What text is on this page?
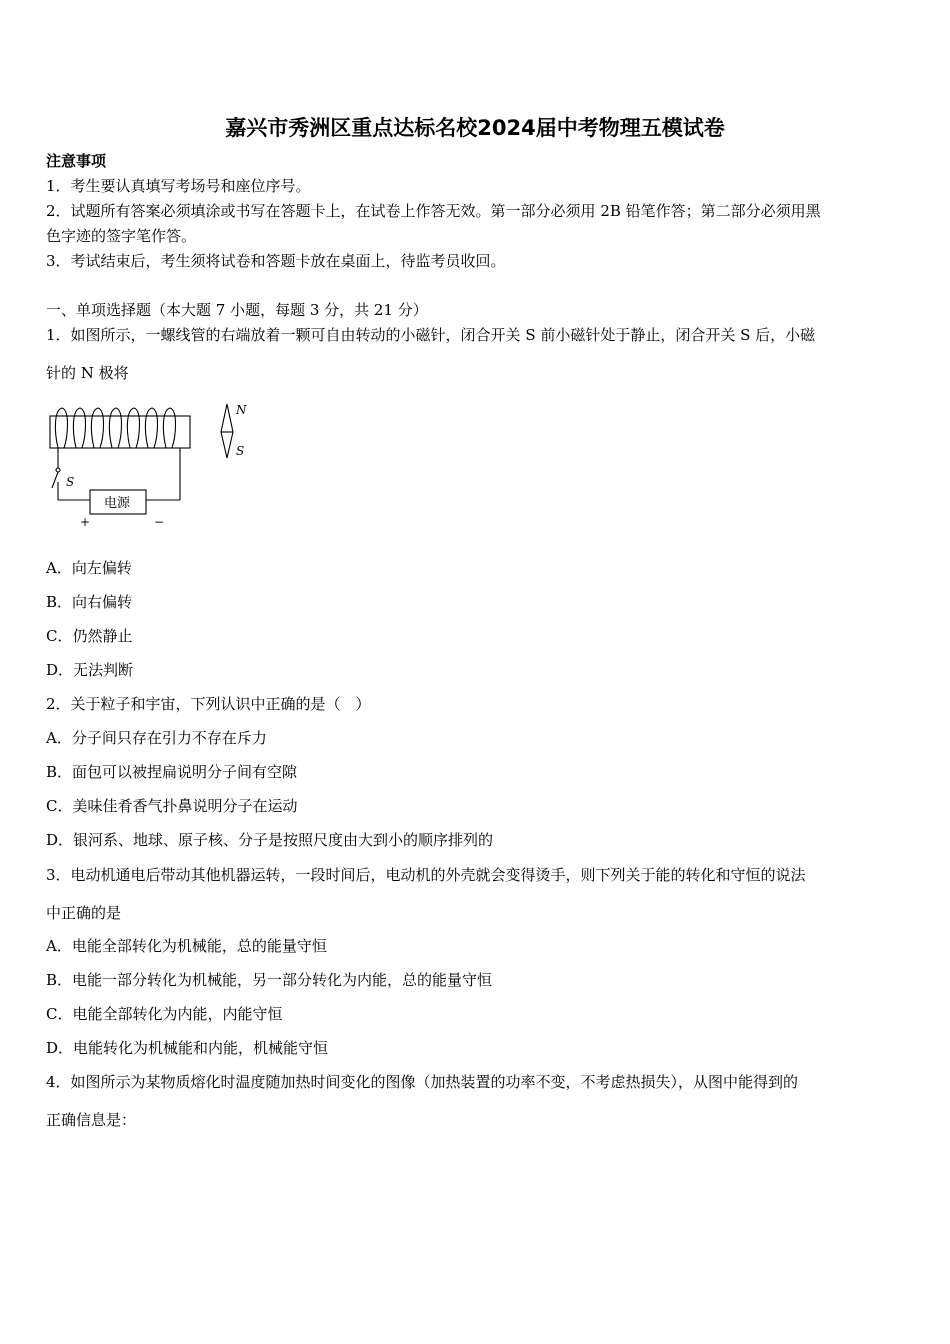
嘉兴市秀洲区重点达标名校2024届中考物理五模试卷
注意事项
1．考生要认真填写考场号和座位序号。
2．试题所有答案必须填涂或书写在答题卡上，在试卷上作答无效。第一部分必须用 2B 铅笔作答；第二部分必须用黑
色字迹的签字笔作答。
3．考试结束后，考生须将试卷和答题卡放在桌面上，待监考员收回。
一、单项选择题（本大题 7 小题，每题 3 分，共 21 分）
1．如图所示，一螺线管的右端放着一颗可自由转动的小磁针，闭合开关 S 前小磁针处于静止，闭合开关 S 后，小磁
针的 N 极将
S
电源
+	−
N
S
A．向左偏转
B．向右偏转
C．仍然静止
D．无法判断
2．关于粒子和宇宙，下列认识中正确的是（　）
A．分子间只存在引力不存在斥力
B．面包可以被捏扁说明分子间有空隙
C．美味佳肴香气扑鼻说明分子在运动
D．银河系、地球、原子核、分子是按照尺度由大到小的顺序排列的
3．电动机通电后带动其他机器运转，一段时间后，电动机的外壳就会变得烫手，则下列关于能的转化和守恒的说法
中正确的是
A．电能全部转化为机械能，总的能量守恒
B．电能一部分转化为机械能，另一部分转化为内能，总的能量守恒
C．电能全部转化为内能，内能守恒
D．电能转化为机械能和内能，机械能守恒
4．如图所示为某物质熔化时温度随加热时间变化的图像（加热装置的功率不变，不考虑热损失），从图中能得到的
正确信息是：
